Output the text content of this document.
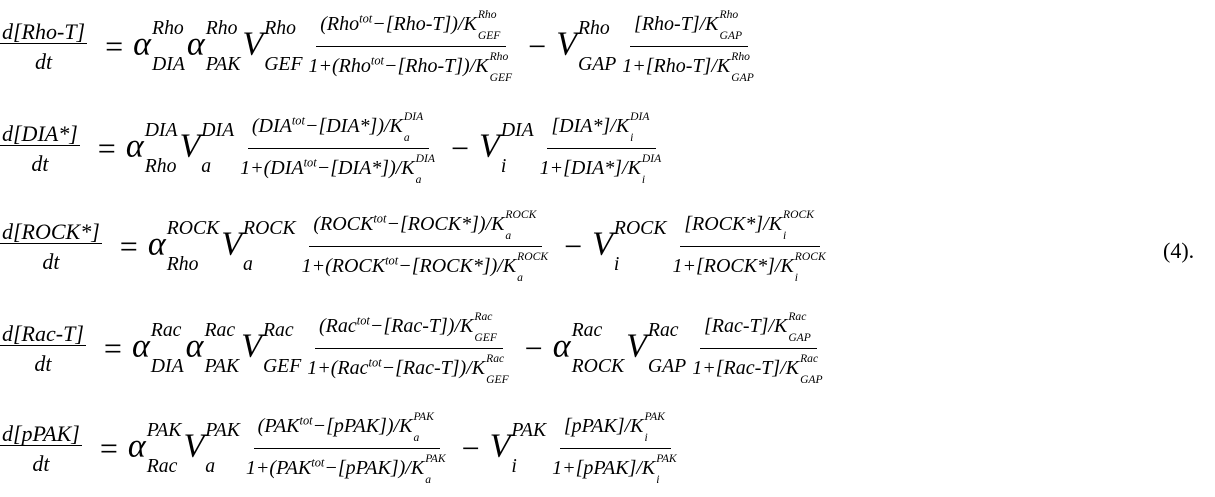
$\frac{\text{d[Rho-T]}}{dt} = \alpha$ Rho
DIA
α Rho
PAK
V Rho
GEF (Rho$^{tot}$−[Rho-T])/K Rho
GEF
1+(Rho$^{tot}$−[Rho-T])/K Rho
GEF − V Rho
GAP [Rho-T]/K Rho
GAP
1+[Rho-T]/K Rho
GAP
$\frac{\text{d[DIA*]}}{dt} = \alpha$ DIA
Rho
V DIA
a	$(DIA^{tot}-[DIA*])/K$ DIA
a
$1+(DIA^{tot}-[DIA*])/K$ DIA
a − V DIA
i	[DIA*]/K DIA
i
1+[DIA*]/K DIA
i
$\frac{\text{d[ROCK*]}}{dt} = \alpha$ ROCK
Rho
V ROCK
a	$(ROCK^{tot}-[ROCK*])/K$ ROCK
a
$1+(ROCK^{tot}-[ROCK*])/K$ ROCK
a − V ROCK
i	[ROCK*]/K ROCK
i
1+[ROCK*]/K ROCK
i	(4).
$\frac{\text{d[Rac-T]}}{dt} = \alpha$ Rac
DIA
α Rac
PAK
V Rac
GEF (Rac$^{tot}$−[Rac-T])/K Rac
GEF
1+(Rac$^{tot}$−[Rac-T])/K Rac
GEF − α Rac
ROCK
V Rac
GAP [Rac-T]/K Rac
GAP
1+[Rac-T]/K Rac
GAP
$\frac{\text{d[pPAK]}}{dt} = \alpha$ PAK
Rac
V PAK
a	$(PAK^{tot}-[pPAK])/K$ PAK
a
$1+(PAK^{tot}-[pPAK])/K$ PAK
a − V PAK
i	[pPAK]/K PAK
i
1+[pPAK]/K PAK
i
